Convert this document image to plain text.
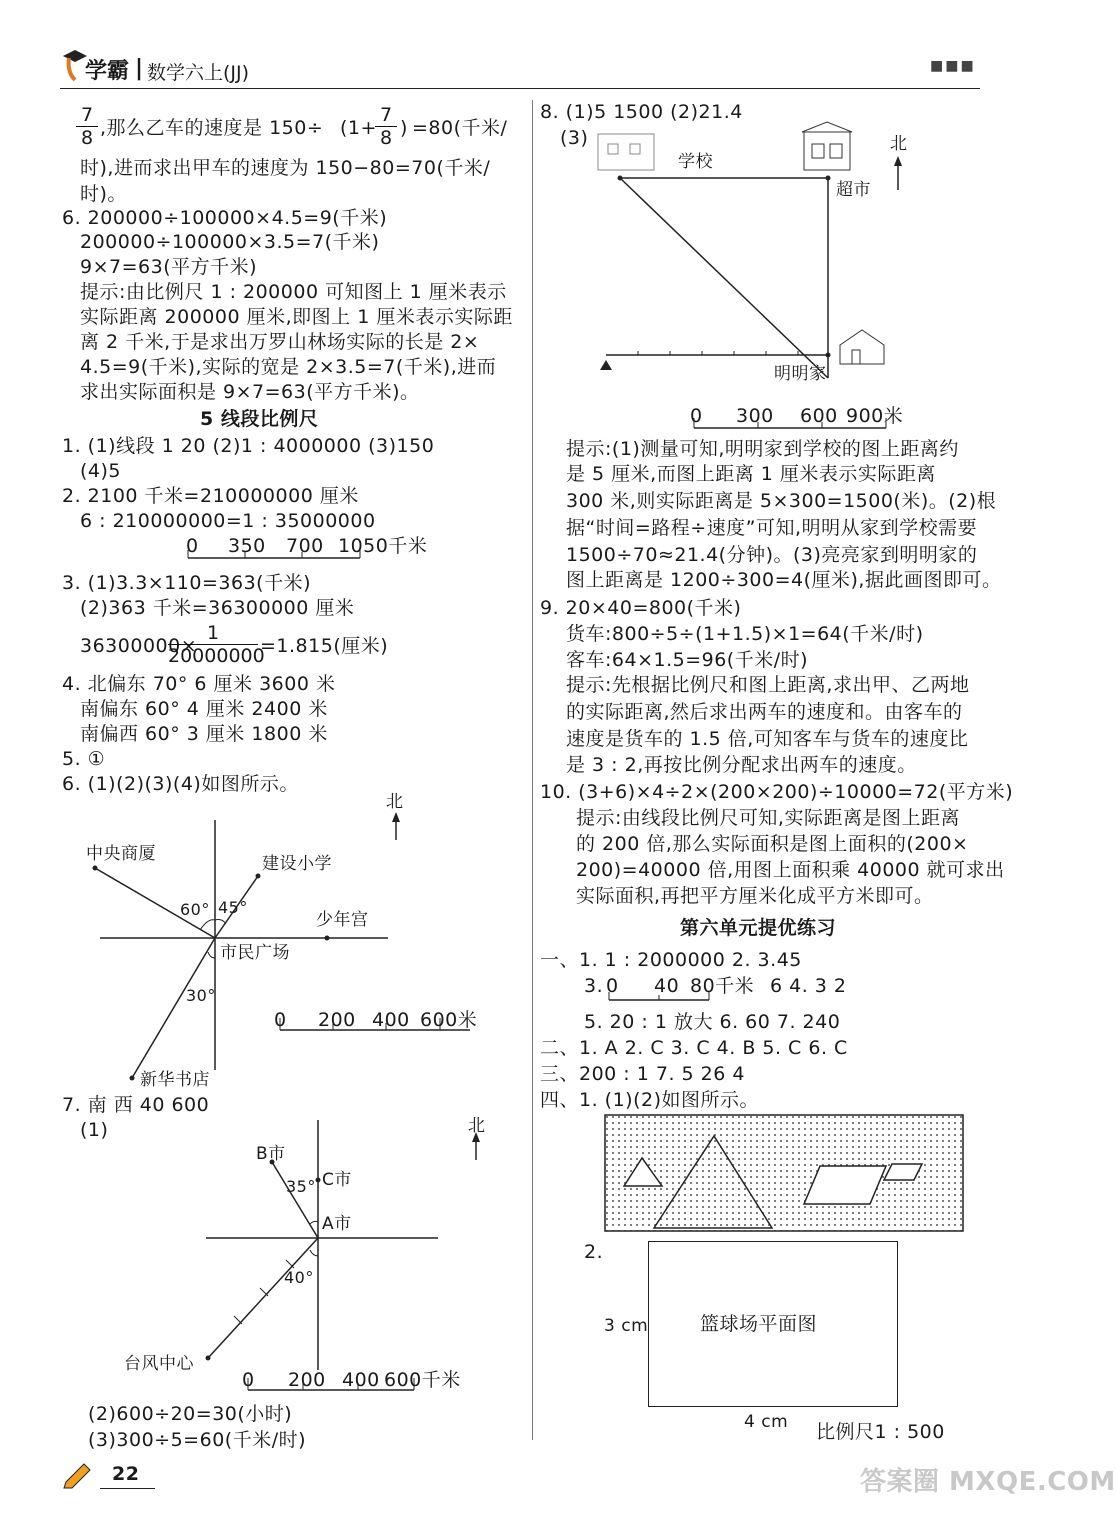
学霸 | 数学六上(JJ)	■■■
$\frac{7}{8}$ ,那么乙车的速度是 150÷ (1+
$\frac{7}{8}$ ) =80(千米/
时),进而求出甲车的速度为 150−80=70(千米/
时)。
6. 200000÷100000×4.5=9(千米)
200000÷100000×3.5=7(千米)
9×7=63(平方千米)
提示:由比例尺 1 : 200000 可知图上 1 厘米表示
实际距离 200000 厘米,即图上 1 厘米表示实际距
离 2 千米,于是求出万罗山林场实际的长是 2×
4.5=9(千米),实际的宽是 2×3.5=7(千米),进而
求出实际面积是 9×7=63(平方千米)。
5 线段比例尺
1. (1)线段 1 20 (2)1 : 4000000 (3)150
(4)5
2. 2100 千米=210000000 厘米
6 : 210000000=1 : 35000000
0 350 700 1050千米
3. (1)3.3×110=363(千米)
(2)363 千米=36300000 厘米
36300000×
$\frac{1}{20000000} =1.815$(厘米)
4. 北偏东 70° 6 厘米 3600 米
南偏东 60° 4 厘米 2400 米
南偏西 60° 3 厘米 1800 米
5. ①
6. (1)(2)(3)(4)如图所示。
北
中央商厦	建设小学
少年宫
市民广场
新华书店
60° 45°
30°
0 200 400 600米
7. 南 西 40 600
(1)	北
B市
C市
A市
台风中心
35°
40°
0 200 400 600千米
(2)600÷20=30(小时)
(3)300÷5=60(千米/时)
22
8. (1)5 1500 (2)21.4
(3)
学校
超市
北
明明家
0 300 600 900米
提示:(1)测量可知,明明家到学校的图上距离约
是 5 厘米,而图上距离 1 厘米表示实际距离
300 米,则实际距离是 5×300=1500(米)。(2)根
据“时间=路程÷速度”可知,明明从家到学校需要
1500÷70≈21.4(分钟)。(3)亮亮家到明明家的
图上距离是 1200÷300=4(厘米),据此画图即可。
9. 20×40=800(千米)
货车:800÷5÷(1+1.5)×1=64(千米/时)
客车:64×1.5=96(千米/时)
提示:先根据比例尺和图上距离,求出甲、乙两地
的实际距离,然后求出两车的速度和。由客车的
速度是货车的 1.5 倍,可知客车与货车的速度比
是 3 : 2,再按比例分配求出两车的速度。
10. (3+6)×4÷2×(200×200)÷10000=72(平方米)
提示:由线段比例尺可知,实际距离是图上距离
的 200 倍,那么实际面积是图上面积的(200×
200)=40000 倍,用图上面积乘 40000 就可求出
实际面积,再把平方厘米化成平方米即可。
第六单元提优练习
一、1. 1 : 2000000 2. 3.45
3. 0 40 80千米 6 4. 3 2
5. 20 : 1 放大 6. 60 7. 240
二、1. A 2. C 3. C 4. B 5. C 6. C
三、200 : 1 7. 5 26 4
四、1. (1)(2)如图所示。
2.
篮球场平面图
3 cm
4 cm 比例尺1 : 500
答案圈 MXQE.COM
